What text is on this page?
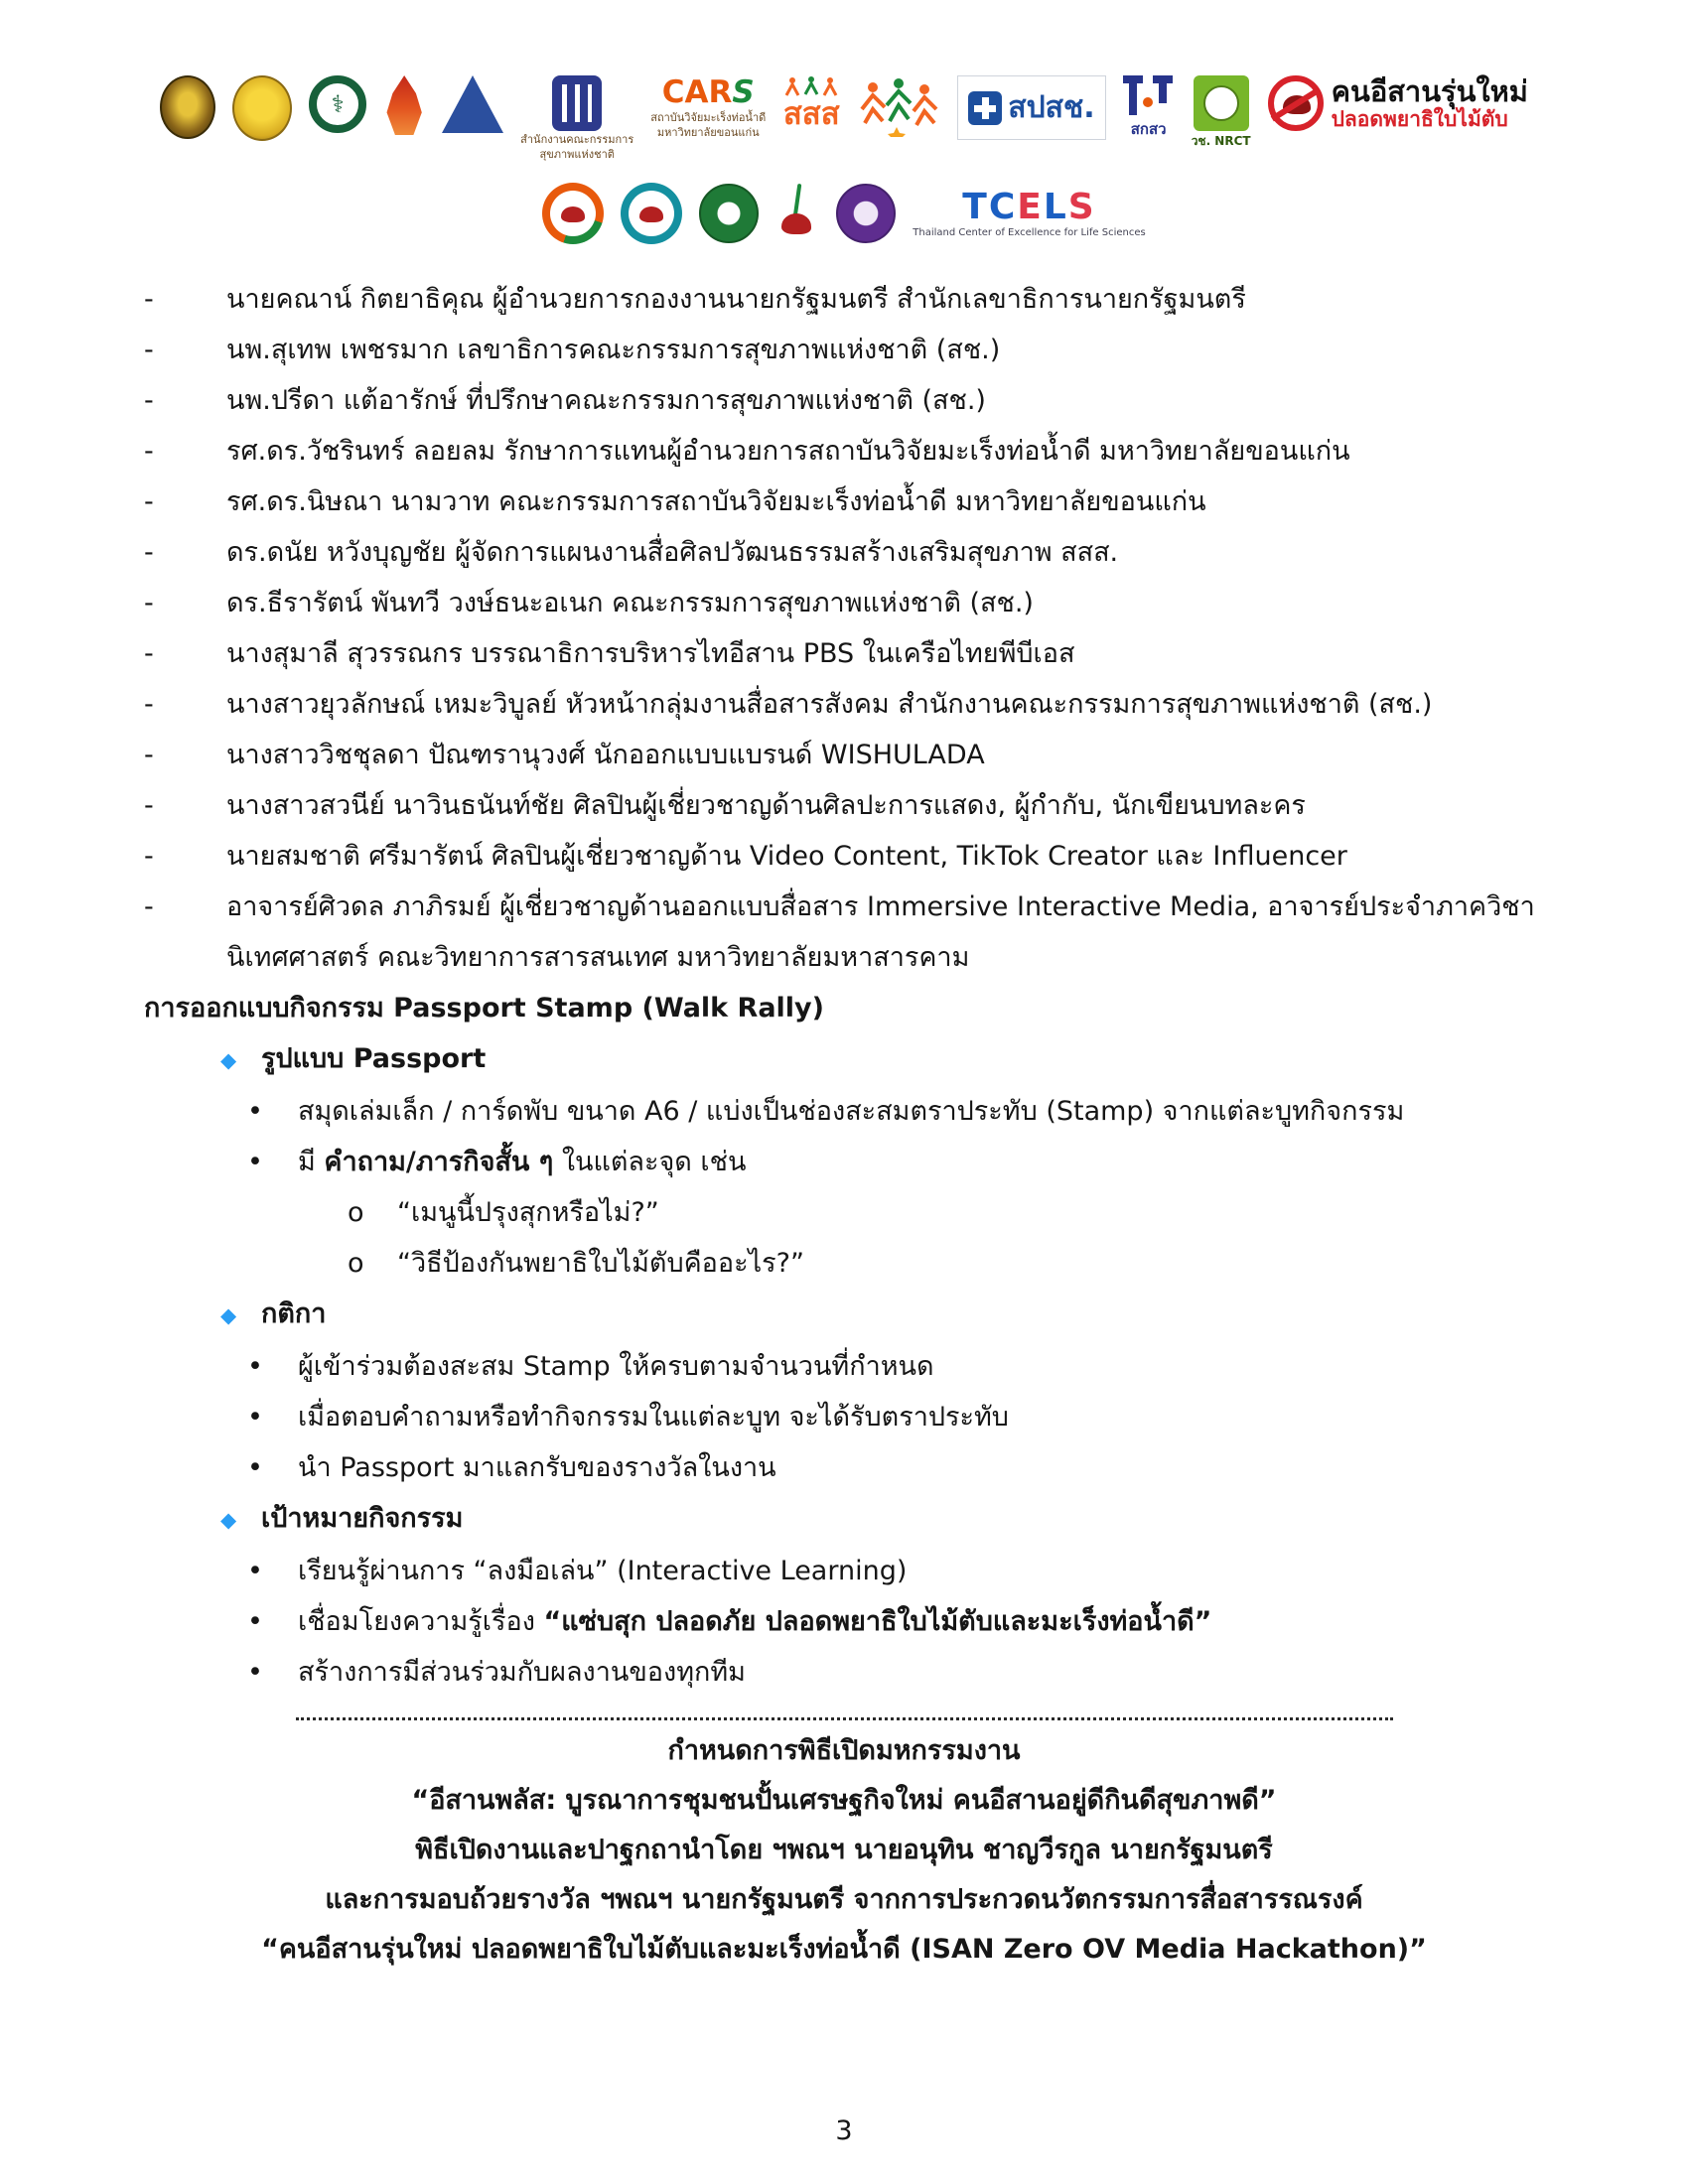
⚕
สำนักงานคณะกรรมการ
สุขภาพแห่งชาติ
CARS
สถาบันวิจัยมะเร็งท่อน้ำดี
มหาวิทยาลัยขอนแก่น
สสส	สปสช.
สกสว
วช. NRCT
คนอีสานรุ่นใหม่
ปลอดพยาธิใบไม้ตับ
TCELS
Thailand Center of Excellence for Life Sciences
-	นายคณาน์ กิตยาธิคุณ ผู้อำนวยการกองงานนายกรัฐมนตรี สำนักเลขาธิการนายกรัฐมนตรี
-	นพ.สุเทพ เพชรมาก เลขาธิการคณะกรรมการสุขภาพแห่งชาติ (สช.)
-	นพ.ปรีดา แต้อารักษ์ ที่ปรึกษาคณะกรรมการสุขภาพแห่งชาติ (สช.)
-	รศ.ดร.วัชรินทร์ ลอยลม รักษาการแทนผู้อำนวยการสถาบันวิจัยมะเร็งท่อน้ำดี มหาวิทยาลัยขอนแก่น
-	รศ.ดร.นิษณา นามวาท คณะกรรมการสถาบันวิจัยมะเร็งท่อน้ำดี มหาวิทยาลัยขอนแก่น
-	ดร.ดนัย หวังบุญชัย ผู้จัดการแผนงานสื่อศิลปวัฒนธรรมสร้างเสริมสุขภาพ สสส.
-	ดร.ธีรารัตน์ พันทวี วงษ์ธนะอเนก คณะกรรมการสุขภาพแห่งชาติ (สช.)
-	นางสุมาลี สุวรรณกร บรรณาธิการบริหารไทอีสาน PBS ในเครือไทยพีบีเอส
-	นางสาวยุวลักษณ์ เหมะวิบูลย์ หัวหน้ากลุ่มงานสื่อสารสังคม สำนักงานคณะกรรมการสุขภาพแห่งชาติ (สช.)
-	นางสาววิชชุลดา ปัณฑรานุวงศ์ นักออกแบบแบรนด์ WISHULADA
-	นางสาวสวนีย์ นาวินธนันท์ชัย ศิลปินผู้เชี่ยวชาญด้านศิลปะการแสดง, ผู้กำกับ, นักเขียนบทละคร
-	นายสมชาติ ศรีมารัตน์ ศิลปินผู้เชี่ยวชาญด้าน Video Content, TikTok Creator และ Influencer
-	อาจารย์ศิวดล ภาภิรมย์ ผู้เชี่ยวชาญด้านออกแบบสื่อสาร Immersive Interactive Media, อาจารย์ประจำภาควิชานิเทศศาสตร์ คณะวิทยาการสารสนเทศ มหาวิทยาลัยมหาสารคาม
การออกแบบกิจกรรม Passport Stamp (Walk Rally)
◆ รูปแบบ Passport
•	สมุดเล่มเล็ก / การ์ดพับ ขนาด A6 / แบ่งเป็นช่องสะสมตราประทับ (Stamp) จากแต่ละบูทกิจกรรม
•	มี คำถาม/ภารกิจสั้น ๆ ในแต่ละจุด เช่น
o	“เมนูนี้ปรุงสุกหรือไม่?”
o	“วิธีป้องกันพยาธิใบไม้ตับคืออะไร?”
◆ กติกา
•	ผู้เข้าร่วมต้องสะสม Stamp ให้ครบตามจำนวนที่กำหนด
•	เมื่อตอบคำถามหรือทำกิจกรรมในแต่ละบูท จะได้รับตราประทับ
•	นำ Passport มาแลกรับของรางวัลในงาน
◆ เป้าหมายกิจกรรม
•	เรียนรู้ผ่านการ “ลงมือเล่น” (Interactive Learning)
•	เชื่อมโยงความรู้เรื่อง “แซ่บสุก ปลอดภัย ปลอดพยาธิใบไม้ตับและมะเร็งท่อน้ำดี”
•	สร้างการมีส่วนร่วมกับผลงานของทุกทีม
กำหนดการพิธีเปิดมหกรรมงาน
“อีสานพลัส: บูรณาการชุมชนปั้นเศรษฐกิจใหม่ คนอีสานอยู่ดีกินดีสุขภาพดี”
พิธีเปิดงานและปาฐกถานำโดย ฯพณฯ นายอนุทิน ชาญวีรกูล นายกรัฐมนตรี
และการมอบถ้วยรางวัล ฯพณฯ นายกรัฐมนตรี จากการประกวดนวัตกรรมการสื่อสารรณรงค์
“คนอีสานรุ่นใหม่ ปลอดพยาธิใบไม้ตับและมะเร็งท่อน้ำดี (ISAN Zero OV Media Hackathon)”
3
